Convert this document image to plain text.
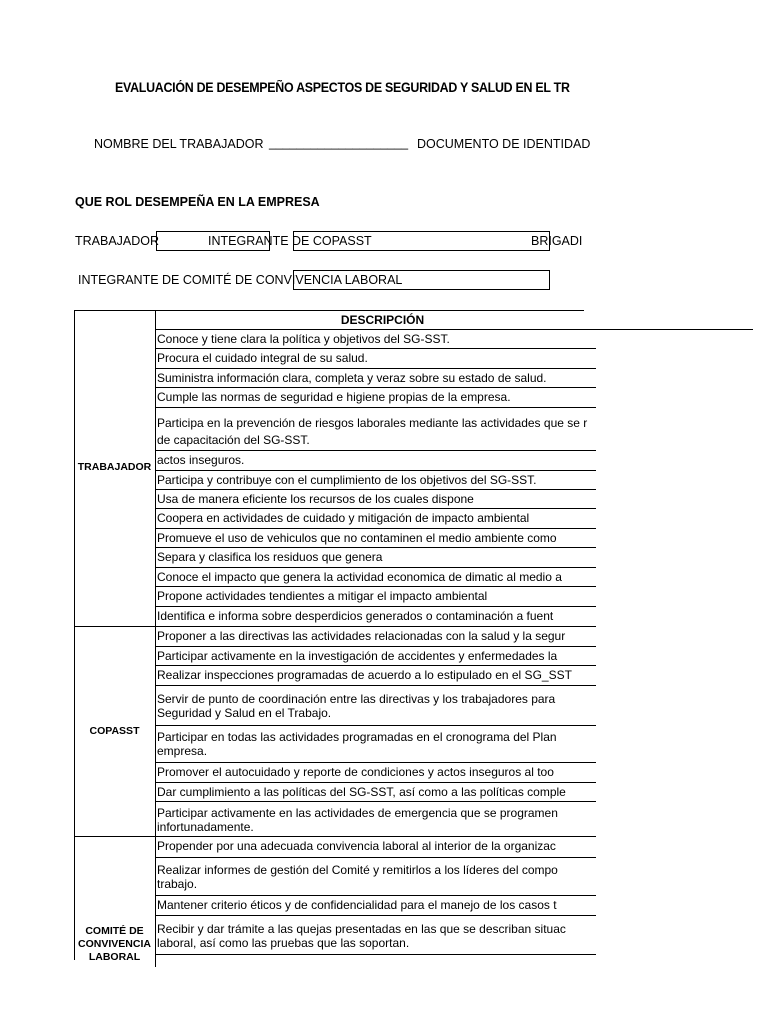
EVALUACIÓN DE DESEMPEÑO ASPECTOS DE SEGURIDAD Y SALUD EN EL TR
NOMBRE DEL TRABAJADOR ____________________ DOCUMENTO DE IDENTIDAD
QUE ROL DESEMPEÑA EN LA EMPRESA
TRABAJADOR	INTEGRANTE DE COPASST	BRIGADI
INTEGRANTE DE COMITÉ DE CONVIVENCIA LABORAL
DESCRIPCIÓN
TRABAJADOR
COPASST
COMITÉ DE CONVIVENCIA LABORAL
Conoce y tiene clara la política y objetivos del SG-SST.
Procura el cuidado integral de su salud.
Suministra información clara, completa y veraz sobre su estado de salud.
Cumple las normas de seguridad e higiene propias de la empresa.
Participa en la prevención de riesgos laborales mediante las actividades que se r
de capacitación del SG-SST.
actos inseguros.
Participa y contribuye con el cumplimiento de los objetivos del SG-SST.
Usa de manera eficiente los recursos de los cuales dispone
Coopera en actividades de cuidado y mitigación de impacto ambiental
Promueve el uso de vehiculos que no contaminen el medio ambiente como
Separa y clasifica los residuos que genera
Conoce el impacto que genera la actividad economica de dimatic al medio a
Propone actividades tendientes a mitigar el impacto ambiental
Identifica e informa sobre desperdicios generados o contaminación a fuent
Proponer a las directivas las actividades relacionadas con la salud y la segur
Participar activamente en la investigación de accidentes y enfermedades la
Realizar inspecciones programadas de acuerdo a lo estipulado en el SG_SST
Servir de punto de coordinación entre las directivas y los trabajadores para
Seguridad y Salud en el Trabajo.
Participar en todas las actividades programadas en el cronograma del Plan
empresa.
Promover el autocuidado y reporte de condiciones y actos inseguros al too
Dar cumplimiento a las políticas del SG-SST, así como a las políticas comple
Participar activamente en las actividades de emergencia que se programen
infortunadamente.
Propender por una adecuada convivencia laboral al interior de la organizac
Realizar informes de gestión del Comité y remitirlos a los líderes del compo
trabajo.
Mantener criterio éticos y de confidencialidad para el manejo de los casos t
Recibir y dar trámite a las quejas presentadas en las que se describan situac
laboral, así como las pruebas que las soportan.
